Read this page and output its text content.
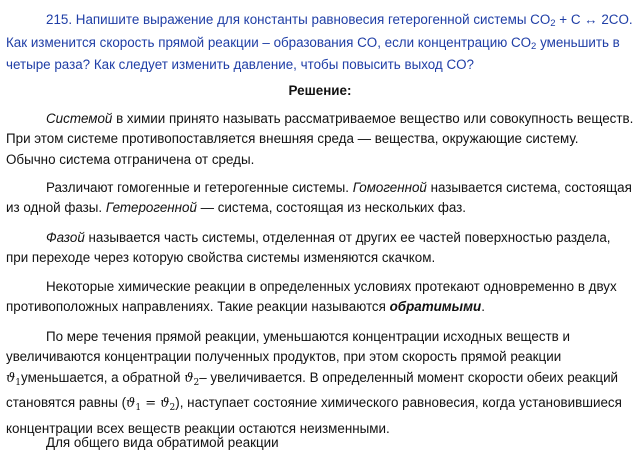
215. Напишите выражение для константы равновесия гетерогенной системы $CO_2 + C$ ↔ 2CO. Как изменится скорость прямой реакции – образования CO, если концентрацию $CO_2$ уменьшить в четыре раза? Как следует изменить давление, чтобы повысить выход CO?
Решение:
Системой в химии принято называть рассматриваемое вещество или совокупность веществ.
При этом системе противопоставляется внешняя среда — вещества, окружающие систему.
Обычно система отграничена от среды.
Различают гомогенные и гетерогенные системы. Гомогенной называется система, состоящая
из одной фазы. Гетерогенной — система, состоящая из нескольких фаз.
Фазой называется часть системы, отделенная от других ее частей поверхностью раздела,
при переходе через которую свойства системы изменяются скачком.
Некоторые химические реакции в определенных условиях протекают одновременно в двух
противоположных направлениях. Такие реакции называются обратимыми.
По мере течения прямой реакции, уменьшаются концентрации исходных веществ и
увеличиваются концентрации полученных продуктов, при этом скорость прямой реакции
$ϑ_1уменьшается$, а обратной $ϑ_2-$ увеличивается. В определенный момент скорости обеих реакций
становятся равны $(ϑ_1 = ϑ_2)$, наступает состояние химического равновесия, когда установившиеся
концентрации всех веществ реакции остаются неизменными.
Для общего вида обратимой реакции
